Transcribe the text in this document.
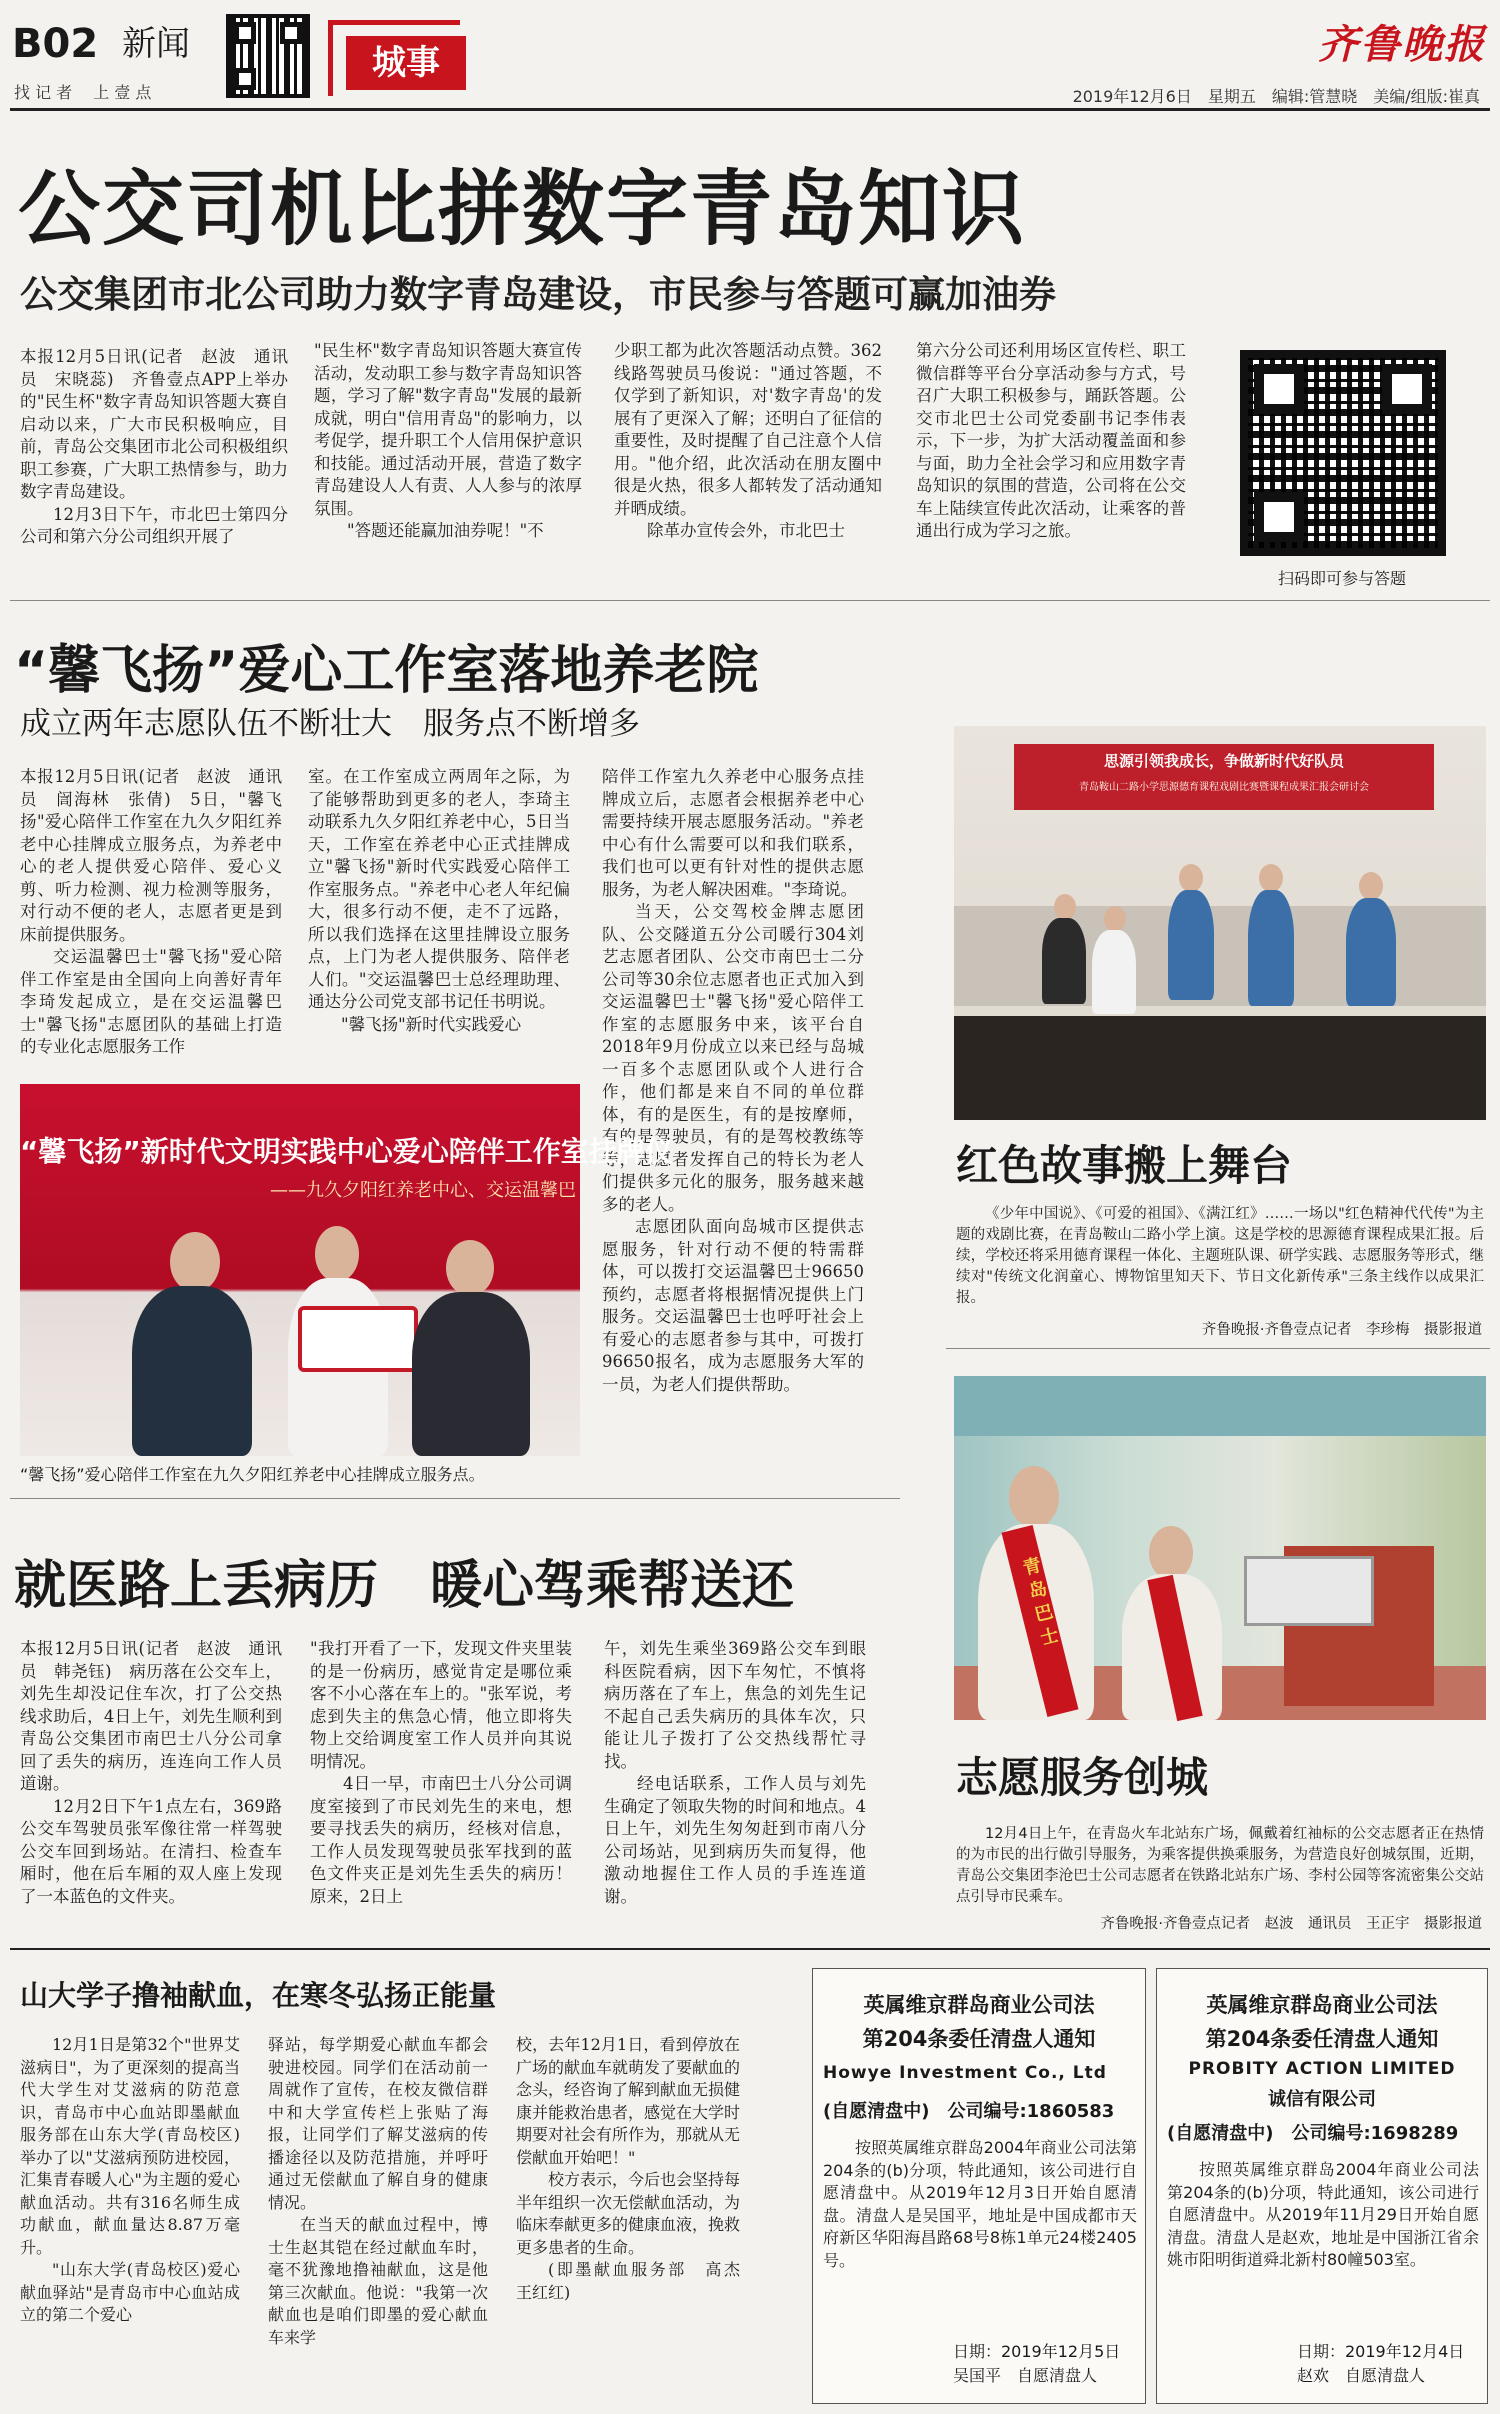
B02 新闻
找 记 者　 上 壹 点
城事	齐鲁晚报
2019年12月6日　星期五　编辑:管慧晓　美编/组版:崔真
公交司机比拼数字青岛知识
公交集团市北公司助力数字青岛建设，市民参与答题可赢加油券

本报12月5日讯(记者　赵波　通讯员　宋晓蕊)　齐鲁壹点APP上举办的"民生杯"数字青岛知识答题大赛自启动以来，广大市民积极响应，目前，青岛公交集团市北公司积极组织职工参赛，广大职工热情参与，助力数字青岛建设。

12月3日下午，市北巴士第四分公司和第六分公司组织开展了

"民生杯"数字青岛知识答题大赛宣传活动，发动职工参与数字青岛知识答题，学习了解"数字青岛"发展的最新成就，明白"信用青岛"的影响力，以考促学，提升职工个人信用保护意识和技能。通过活动开展，营造了数字青岛建设人人有责、人人参与的浓厚氛围。

"答题还能赢加油券呢！"不

少职工都为此次答题活动点赞。362线路驾驶员马俊说："通过答题，不仅学到了新知识，对'数字青岛'的发展有了更深入了解；还明白了征信的重要性，及时提醒了自己注意个人信用。"他介绍，此次活动在朋友圈中很是火热，很多人都转发了活动通知并晒成绩。

除革办宣传会外，市北巴士

第六分公司还利用场区宣传栏、职工微信群等平台分享活动参与方式，号召广大职工积极参与，踊跃答题。公交市北巴士公司党委副书记李伟表示，下一步，为扩大活动覆盖面和参与面，助力全社会学习和应用数字青岛知识的氛围的营造，公司将在公交车上陆续宣传此次活动，让乘客的普通出行成为学习之旅。

扫码即可参与答题
“馨飞扬”爱心工作室落地养老院
成立两年志愿队伍不断壮大　服务点不断增多

本报12月5日讯(记者　赵波　通讯员　訚海林　张倩)　5日，"馨飞扬"爱心陪伴工作室在九久夕阳红养老中心挂牌成立服务点，为养老中心的老人提供爱心陪伴、爱心义剪、听力检测、视力检测等服务，对行动不便的老人，志愿者更是到床前提供服务。

交运温馨巴士"馨飞扬"爱心陪伴工作室是由全国向上向善好青年李琦发起成立，是在交运温馨巴士"馨飞扬"志愿团队的基础上打造的专业化志愿服务工作

室。在工作室成立两周年之际，为了能够帮助到更多的老人，李琦主动联系九久夕阳红养老中心，5日当天，工作室在养老中心正式挂牌成立"馨飞扬"新时代实践爱心陪伴工作室服务点。"养老中心老人年纪偏大，很多行动不便，走不了远路，所以我们选择在这里挂牌设立服务点，上门为老人提供服务、陪伴老人们。"交运温馨巴士总经理助理、通达分公司党支部书记任书明说。

"馨飞扬"新时代实践爱心

陪伴工作室九久养老中心服务点挂牌成立后，志愿者会根据养老中心需要持续开展志愿服务活动。"养老中心有什么需要可以和我们联系，我们也可以更有针对性的提供志愿服务，为老人解决困难。"李琦说。

当天，公交驾校金牌志愿团队、公交隧道五分公司暖行304刘艺志愿者团队、公交市南巴士二分公司等30余位志愿者也正式加入到交运温馨巴士"馨飞扬"爱心陪伴工作室的志愿服务中来，该平台自2018年9月份成立以来已经与岛城一百多个志愿团队或个人进行合作，他们都是来自不同的单位群体，有的是医生，有的是按摩师，有的是驾驶员，有的是驾校教练等等，志愿者发挥自己的特长为老人们提供多元化的服务，服务越来越多的老人。

志愿团队面向岛城市区提供志愿服务，针对行动不便的特需群体，可以拨打交运温馨巴士96650预约，志愿者将根据情况提供上门服务。交运温馨巴士也呼吁社会上有爱心的志愿者参与其中，可拨打96650报名，成为志愿服务大军的一员，为老人们提供帮助。

“馨飞扬”新时代文明实践中心爱心陪伴工作室挂牌仪
——九久夕阳红养老中心、交运温馨巴
“馨飞扬”爱心陪伴工作室在九久夕阳红养老中心挂牌成立服务点。
思源引领我成长，争做新时代好队员
青岛鞍山二路小学思源德育课程戏剧比赛暨课程成果汇报会研讨会
红色故事搬上舞台

《少年中国说》、《可爱的祖国》、《满江红》……一场以"红色精神代代传"为主题的戏剧比赛，在青岛鞍山二路小学上演。这是学校的思源德育课程成果汇报。后续，学校还将采用德育课程一体化、主题班队课、研学实践、志愿服务等形式，继续对"传统文化润童心、博物馆里知天下、节日文化新传承"三条主线作以成果汇报。

齐鲁晚报·齐鲁壹点记者　李珍梅　摄影报道
青岛巴士
志愿服务创城

12月4日上午，在青岛火车北站东广场，佩戴着红袖标的公交志愿者正在热情的为市民的出行做引导服务，为乘客提供换乘服务，为营造良好创城氛围，近期，青岛公交集团李沧巴士公司志愿者在铁路北站东广场、李村公园等客流密集公交站点引导市民乘车。

齐鲁晚报·齐鲁壹点记者　赵波　通讯员　王正宇　摄影报道
就医路上丢病历　暖心驾乘帮送还

本报12月5日讯(记者　赵波　通讯员　韩尧钰)　病历落在公交车上，刘先生却没记住车次，打了公交热线求助后，4日上午，刘先生顺利到青岛公交集团市南巴士八分公司拿回了丢失的病历，连连向工作人员道谢。

12月2日下午1点左右，369路公交车驾驶员张军像往常一样驾驶公交车回到场站。在清扫、检查车厢时，他在后车厢的双人座上发现了一本蓝色的文件夹。

"我打开看了一下，发现文件夹里装的是一份病历，感觉肯定是哪位乘客不小心落在车上的。"张军说，考虑到失主的焦急心情，他立即将失物上交给调度室工作人员并向其说明情况。

4日一早，市南巴士八分公司调度室接到了市民刘先生的来电，想要寻找丢失的病历，经核对信息，工作人员发现驾驶员张军找到的蓝色文件夹正是刘先生丢失的病历！原来，2日上

午，刘先生乘坐369路公交车到眼科医院看病，因下车匆忙，不慎将病历落在了车上，焦急的刘先生记不起自己丢失病历的具体车次，只能让儿子拨打了公交热线帮忙寻找。

经电话联系，工作人员与刘先生确定了领取失物的时间和地点。4日上午，刘先生匆匆赶到市南八分公司场站，见到病历失而复得，他激动地握住工作人员的手连连道谢。

山大学子撸袖献血，在寒冬弘扬正能量

12月1日是第32个"世界艾滋病日"，为了更深刻的提高当代大学生对艾滋病的防范意识，青岛市中心血站即墨献血服务部在山东大学(青岛校区)举办了以"艾滋病预防进校园，汇集青春暖人心"为主题的爱心献血活动。共有316名师生成功献血，献血量达8.87万毫升。

"山东大学(青岛校区)爱心献血驿站"是青岛市中心血站成立的第二个爱心

驿站，每学期爱心献血车都会驶进校园。同学们在活动前一周就作了宣传，在校友微信群中和大学宣传栏上张贴了海报，让同学们了解艾滋病的传播途径以及防范措施，并呼吁通过无偿献血了解自身的健康情况。

在当天的献血过程中，博士生赵其铠在经过献血车时，毫不犹豫地撸袖献血，这是他第三次献血。他说："我第一次献血也是咱们即墨的爱心献血车来学

校，去年12月1日，看到停放在广场的献血车就萌发了要献血的念头，经咨询了解到献血无损健康并能救治患者，感觉在大学时期要对社会有所作为，那就从无偿献血开始吧！"

校方表示，今后也会坚持每半年组织一次无偿献血活动，为临床奉献更多的健康血液，挽救更多患者的生命。

(即墨献血服务部　高杰　王红红)

英属维京群岛商业公司法
第204条委任清盘人通知
Howye Investment Co., Ltd
(自愿清盘中)　公司编号:1860583

按照英属维京群岛2004年商业公司法第204条的(b)分项，特此通知，该公司进行自愿清盘中。从2019年12月3日开始自愿清盘。清盘人是吴国平，地址是中国成都市天府新区华阳海昌路68号8栋1单元24楼2405号。

日期：2019年12月5日
吴国平　自愿清盘人
英属维京群岛商业公司法
第204条委任清盘人通知
PROBITY ACTION LIMITED
诚信有限公司
(自愿清盘中)　公司编号:1698289

按照英属维京群岛2004年商业公司法第204条的(b)分项，特此通知，该公司进行自愿清盘中。从2019年11月29日开始自愿清盘。清盘人是赵欢，地址是中国浙江省余姚市阳明街道舜北新村80幢503室。

日期：2019年12月4日
赵欢　自愿清盘人
